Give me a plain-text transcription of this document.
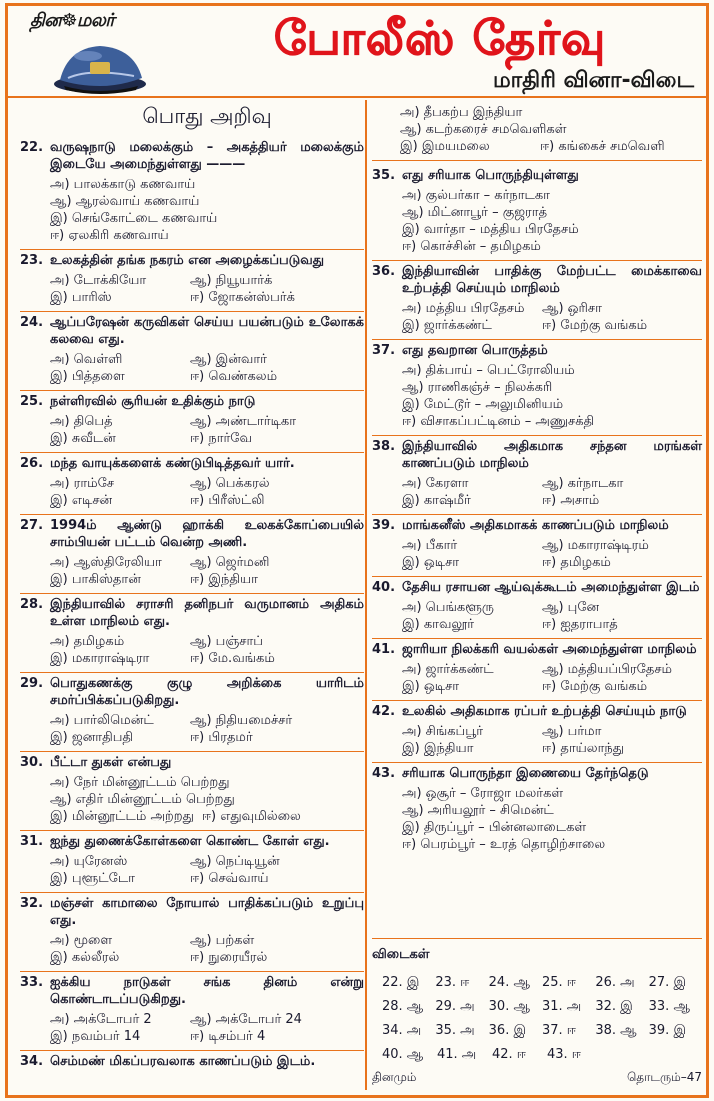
தின☸மலர்	போலீஸ் தேர்வு
மாதிரி வினா-விடை
பொது அறிவு
22. வருஷநாடு மலைக்கும் – அகத்தியர் மலைக்கும் இடையே அமைந்துள்ளது ———
அ) பாலக்காடு கணவாய்
ஆ) ஆரல்வாய் கணவாய்
இ) செங்கோட்டை கணவாய்
ஈ) ஏலகிரி கணவாய்
23. உலகத்தின் தங்க நகரம் என அழைக்கப்படுவது
அ) டோக்கியோ	ஆ) நியூயார்க்
இ) பாரிஸ்	ஈ) ஜோகன்ஸ்பர்க்
24. ஆப்பரேஷன் கருவிகள் செய்ய பயன்படும் உலோகக் கலவை எது.
அ) வெள்ளி	ஆ) இன்வார்
இ) பித்தளை	ஈ) வெண்கலம்
25. நள்ளிரவில் சூரியன் உதிக்கும் நாடு
அ) திபெத்	ஆ) அண்டார்டிகா
இ) சுவீடன்	ஈ) நார்வே
26. மந்த வாயுக்களைக் கண்டுபிடித்தவர் யார்.
அ) ராம்சே	ஆ) பெக்கரல்
இ) எடிசன்	ஈ) பிரீஸ்ட்லி
27. 1994ம் ஆண்டு ஹாக்கி உலகக்கோப்பையில் சாம்பியன் பட்டம் வென்ற அணி.
அ) ஆஸ்திரேலியா	ஆ) ஜெர்மனி
இ) பாகிஸ்தான்	ஈ) இந்தியா
28. இந்தியாவில் சராசரி தனிநபர் வருமானம் அதிகம் உள்ள மாநிலம் எது.
அ) தமிழகம்	ஆ) பஞ்சாப்
இ) மகாராஷ்டிரா	ஈ) மே.வங்கம்
29. பொதுகணக்கு குழு அறிக்கை யாரிடம் சமர்ப்பிக்கப்படுகிறது.
அ) பார்லிமென்ட்	ஆ) நிதியமைச்சர்
இ) ஜனாதிபதி	ஈ) பிரதமர்
30. பீட்டா துகள் என்பது
அ) நேர் மின்னூட்டம் பெற்றது
ஆ) எதிர் மின்னூட்டம் பெற்றது
இ) மின்னூட்டம் அற்றது ஈ) எதுவுமில்லை
31. ஐந்து துணைக்கோள்களை கொண்ட கோள் எது.
அ) யுரேனஸ்	ஆ) நெப்டியூன்
இ) புளூட்டோ	ஈ) செவ்வாய்
32. மஞ்சள் காமாலை நோயால் பாதிக்கப்படும் உறுப்பு எது.
அ) மூளை	ஆ) பற்கள்
இ) கல்லீரல்	ஈ) நுரையீரல்
33. ஐக்கிய நாடுகள் சங்க தினம் என்று கொண்டாடப்படுகிறது.
அ) அக்டோபர் 2	ஆ) அக்டோபர் 24
இ) நவம்பர் 14	ஈ) டிசம்பர் 4
34. செம்மண் மிகப்பரவலாக காணப்படும் இடம்.
அ) தீபகற்ப இந்தியா
ஆ) கடற்கரைச் சமவெளிகள்
இ) இமயமலை	ஈ) கங்கைச் சமவெளி
35. எது சரியாக பொருந்தியுள்ளது
அ) குல்பர்கா – கர்நாடகா
ஆ) மிட்னாபூர் – குஜராத்
இ) வார்தா – மத்திய பிரதேசம்
ஈ) கொச்சின் – தமிழகம்
36. இந்தியாவின் பாதிக்கு மேற்பட்ட மைக்காவை உற்பத்தி செய்யும் மாநிலம்
அ) மத்திய பிரதேசம்	ஆ) ஒரிசா
இ) ஜார்க்கண்ட்	ஈ) மேற்கு வங்கம்
37. எது தவறான பொருத்தம்
அ) திக்பாய் – பெட்ரோலியம்
ஆ) ராணிகஞ்ச் – நிலக்கரி
இ) மேட்டூர் – அலுமினியம்
ஈ) விசாகப்பட்டினம் – அணுசக்தி
38. இந்தியாவில் அதிகமாக சந்தன மரங்கள் காணப்படும் மாநிலம்
அ) கேரளா	ஆ) கர்நாடகா
இ) காஷ்மீர்	ஈ) அசாம்
39. மாங்கனீஸ் அதிகமாகக் காணப்படும் மாநிலம்
அ) பீகார்	ஆ) மகாராஷ்டிரம்
இ) ஒடிசா	ஈ) தமிழகம்
40. தேசிய ரசாயன ஆய்வுக்கூடம் அமைந்துள்ள இடம்
அ) பெங்களூரு	ஆ) புனே
இ) காவலூர்	ஈ) ஐதராபாத்
41. ஜாரியா நிலக்கரி வயல்கள் அமைந்துள்ள மாநிலம்
அ) ஜார்க்கண்ட்	ஆ) மத்தியப்பிரதேசம்
இ) ஒடிசா	ஈ) மேற்கு வங்கம்
42. உலகில் அதிகமாக ரப்பர் உற்பத்தி செய்யும் நாடு
அ) சிங்கப்பூர்	ஆ) பர்மா
இ) இந்தியா	ஈ) தாய்லாந்து
43. சரியாக பொருந்தா இணையை தேர்ந்தெடு
அ) ஒசூர் – ரோஜா மலர்கள்
ஆ) அரியலூர் – சிமென்ட்
இ) திருப்பூர் – பின்னலாடைகள்
ஈ) பெரம்பூர் – உரத் தொழிற்சாலை
விடைகள்
22. இ	23. ஈ	24. ஆ 25. ஈ	26. அ	27. இ
28. ஆ 29. அ	30. ஆ 31. அ	32. இ	33. ஆ
34. அ	35. அ	36. இ	37. ஈ	38. ஆ 39. இ
40. ஆ	41. அ	42. ஈ	43. ஈ
தினமும்	தொடரும்–47
